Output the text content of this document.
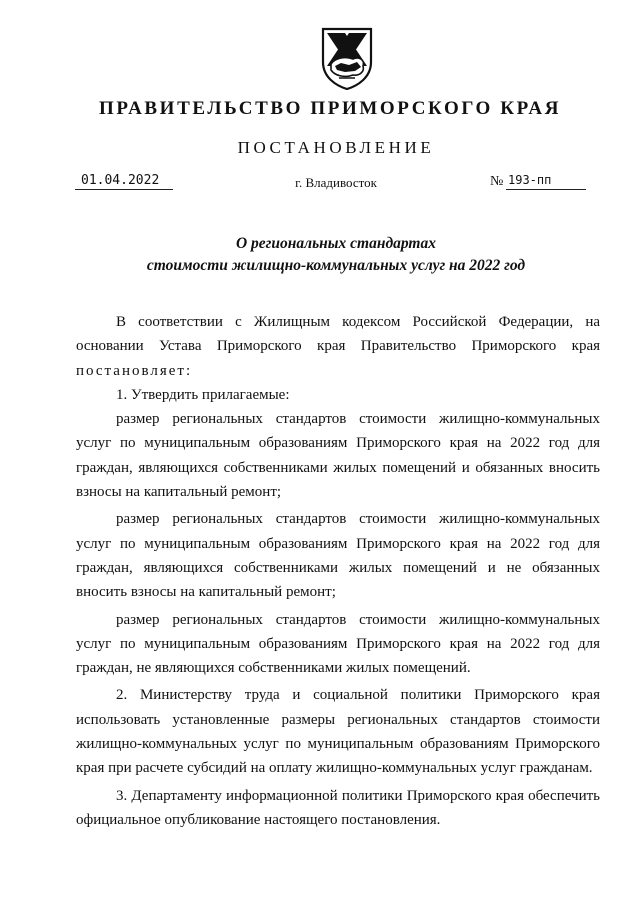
ПРАВИТЕЛЬСТВО ПРИМОРСКОГО КРАЯ
ПОСТАНОВЛЕНИЕ
01.04.2022	г. Владивосток	№ 193-пп
О региональных стандартах
стоимости жилищно-коммунальных услуг на 2022 год

В соответствии с Жилищным кодексом Российской Федерации, на основании Устава Приморского края Правительство Приморского края

постановляет:

1. Утвердить прилагаемые:

размер региональных стандартов стоимости жилищно-коммунальных услуг по муниципальным образованиям Приморского края на 2022 год для граждан, являющихся собственниками жилых помещений и обязанных вносить взносы на капитальный ремонт;

размер региональных стандартов стоимости жилищно-коммунальных услуг по муниципальным образованиям Приморского края на 2022 год для граждан, являющихся собственниками жилых помещений и не обязанных вносить взносы на капитальный ремонт;

размер региональных стандартов стоимости жилищно-коммунальных услуг по муниципальным образованиям Приморского края на 2022 год для граждан, не являющихся собственниками жилых помещений.

2. Министерству труда и социальной политики Приморского края использовать установленные размеры региональных стандартов стоимости жилищно-коммунальных услуг по муниципальным образованиям Приморского края при расчете субсидий на оплату жилищно-коммунальных услуг гражданам.

3. Департаменту информационной политики Приморского края обеспечить официальное опубликование настоящего постановления.
